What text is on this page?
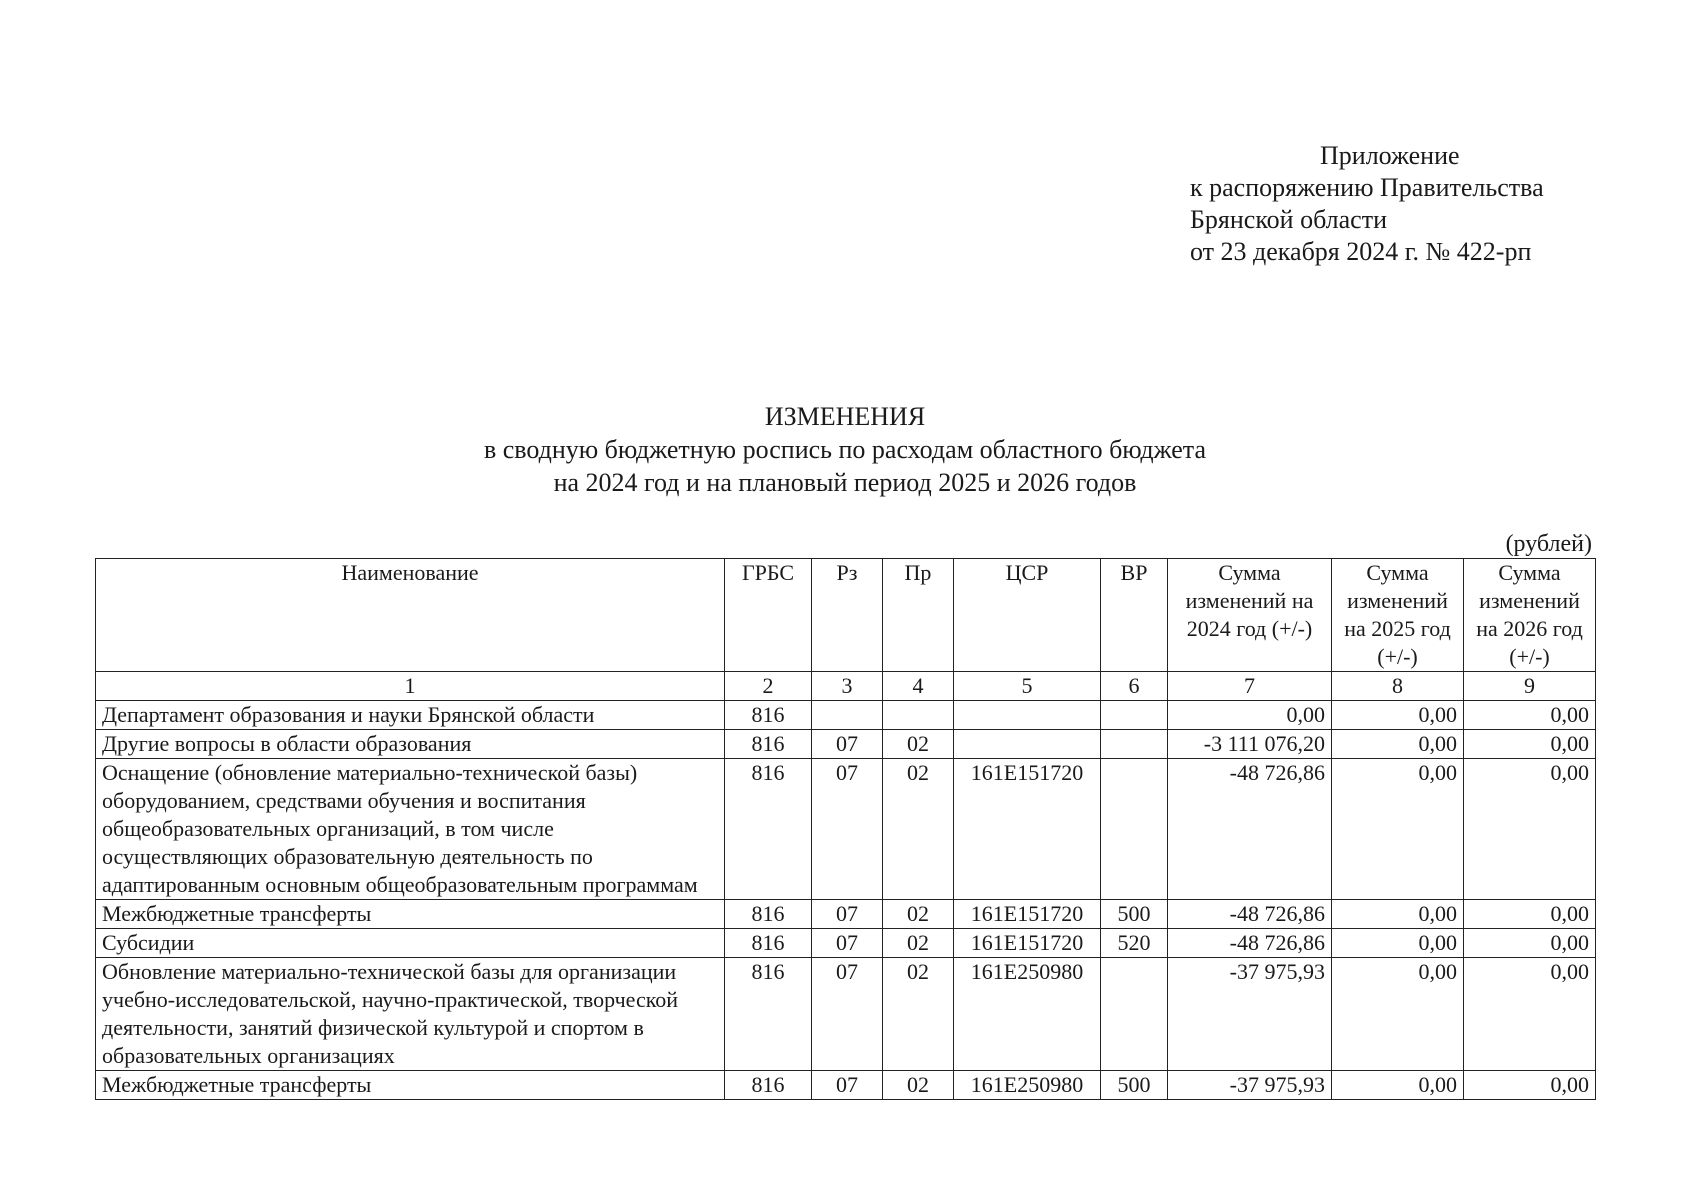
Приложение
к распоряжению Правительства
Брянской области
от 23 декабря 2024 г. № 422-рп
ИЗМЕНЕНИЯ
в сводную бюджетную роспись по расходам областного бюджета
на 2024 год и на плановый период 2025 и 2026 годов
(рублей)
Наименование	ГРБС	Рз	Пр	ЦСР	ВР	Сумма изменений на 2024 год (+/-)	Сумма изменений на 2025 год (+/-)	Сумма изменений на 2026 год (+/-)
1	2	3	4	5	6	7	8	9
Департамент образования и науки Брянской области	816					0,00	0,00	0,00
Другие вопросы в области образования	816	07	02			-3 111 076,20	0,00	0,00
Оснащение (обновление материально-технической базы) оборудованием, средствами обучения и воспитания общеобразовательных организаций, в том числе осуществляющих образовательную деятельность по адаптированным основным общеобразовательным программам	816	07	02	161E151720		-48 726,86	0,00	0,00
Межбюджетные трансферты	816	07	02	161E151720	500	-48 726,86	0,00	0,00
Субсидии	816	07	02	161E151720	520	-48 726,86	0,00	0,00
Обновление материально-технической базы для организации учебно-исследовательской, научно-практической, творческой деятельности, занятий физической культурой и спортом в образовательных организациях	816	07	02	161E250980		-37 975,93	0,00	0,00
Межбюджетные трансферты	816	07	02	161E250980	500	-37 975,93	0,00	0,00
